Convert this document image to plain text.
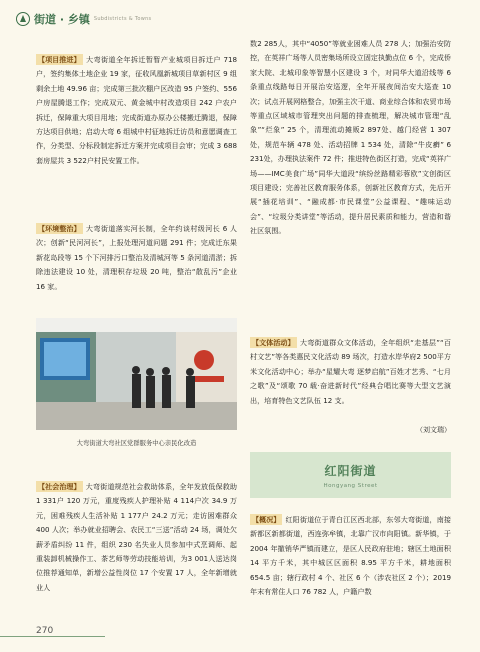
街道 · 乡镇 Subdistricts & Towns

【项目推进】 大弯街道全年拆迁暂暂产业城项目拆迁户 718 户，签约集体土地企业 19 家，征收风凰新城项目草新村区 9 组剩余土地 49.96 亩；完成第三批次棚户区改造 95 户签约、556 户房屋腾退工作；完成双元、黄金城中村改造项目 242 户农户拆迁，保障重大项目用地；完成街道办原办公楼搬迁腾退，保障方达项目供地；启动大弯 6 组城中村征地拆迁访员和意愿调查工作，分类型、分标段制定拆迁方案并完成项目会审；完成 3 688套房屋共 3 522户村民安置工作。

【环境整治】 大弯街道落实河长制，全年约谈村级河长 6 人次；创新“民河河长”，上报处理河道问题 291 件；完成迁东果新花岛段等 15 个下河排污口整治及清城河等 5 条河道清淤；拆除违法建设 10 处，清理积存垃圾 20 吨，整治“散乱污”企业 16 家。

大弯街道大弯社区党群服务中心亲民化改造

【社会治理】 大弯街道规范社会救助体系，全年发放低保救助 1 331户 120 万元，重度残疾人护理补贴 4 114户次 34.9 万元，困难残疾人生活补贴 1 177户 24.2 万元；走访困难群众 400 人次；举办就业招聘会、农民工“三送”活动 24 场，调处欠薪矛盾纠纷 11 件，组织 230 名失业人员参加中式烹调师、起重装卸机械操作工、茶艺师等劳动技能培训，为3 001人送达岗位推荐通知单，新增公益性岗位 17 个安置 17 人，全年新增就业人

数2 285人，其中“4050”等就业困难人员 278 人；加强治安防控，在英祥广场等人员密集场所设立固定执勤点位 6 个，完成侨家大院、北城印象等智慧小区建设 3 个，对同华大道沿线等 6 条重点线路每日开展治安巡逻，全年开展夜间治安大巡查 10 次；试点开展网格整合，加强主次干道、商业综合体和农贸市场等重点区域城市管理突出问题的排查梳理，解决城市管理“乱象”“烂象” 25 个，清理流动摊贩2 897处、越门经营 1 307处，规范车辆 478 处、活动招牌 1 534 处，清除“牛皮癣” 6 231处，办理执法案件 72 件；推进特色街区打造，完成“英祥广场——IMC美食广场”同华大道段“缤纷丝路精彩蓉欧”文创街区项目建设；完善社区教育服务体系，创新社区教育方式，先后开展“插花培训”、“融成都·市民课堂”公益课程、“趣味运动会”、“垃圾分类讲堂”等活动，提升居民素质和能力，营造和谐社区氛围。

【文体活动】 大弯街道群众文体活动，全年组织“走基层”“百村文艺”等各类惠民文化活动 89 场次，打造水岸华府2 500平方米文化活动中心；举办“星耀大弯 逐梦启航”百姓才艺秀、“七月之歌”及“颂歌 70 载·奋进新时代”经典合唱比赛等大型文艺演出，培育特色文艺队伍 12 支。

（刘文瑞）
红阳街道
Hongyang Street

【概况】 红阳街道位于青白江区西北部，东邻大弯街道，南接新都区新都街道，西连弥牟镇，北靠广汉市向阳镇。新华镇，于 2004 年撤销华严镇而建立，是区人民政府驻地；辖区土地面积 14 平方千米，其中城区区面积 8.95 平方千米，耕地面积 654.5 亩；辖行政村 4 个、社区 6 个（涉农社区 2 个）；2019 年末有常住人口 76 782 人，户籍户数

270
